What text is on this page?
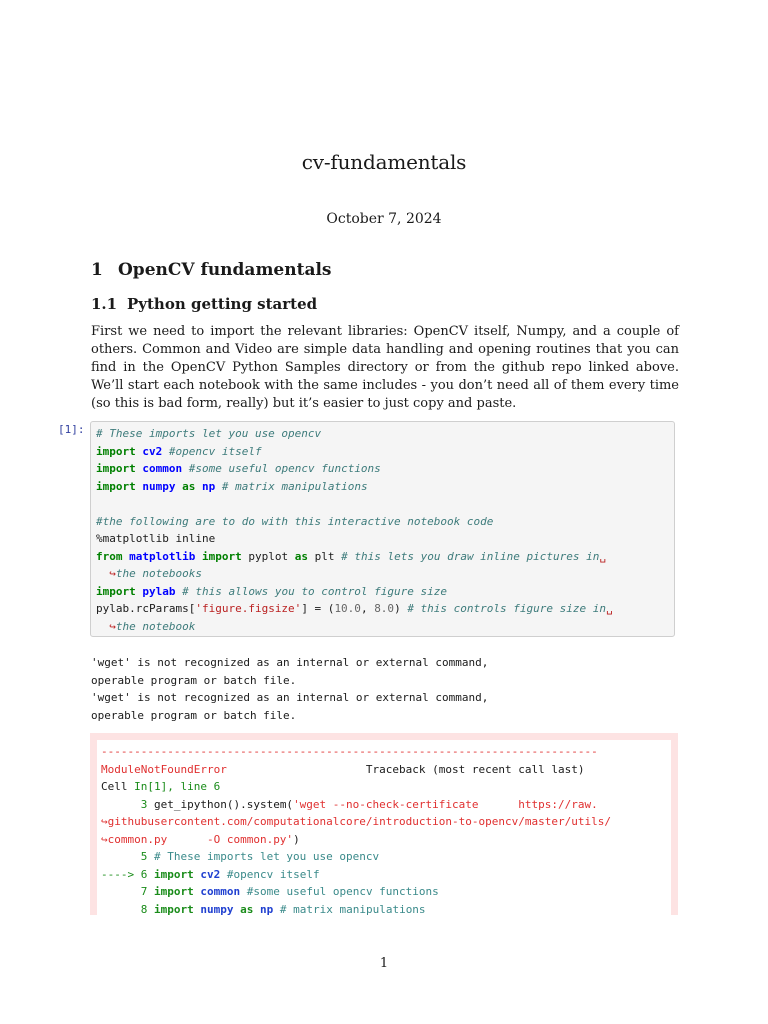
cv-fundamentals
October 7, 2024
1 OpenCV fundamentals
1.1 Python getting started
First we need to import the relevant libraries: OpenCV itself, Numpy, and a couple of others. Common and Video are simple data handling and opening routines that you can find in the OpenCV Python Samples directory or from the github repo linked above. We’ll start each notebook with the same includes - you don’t need all of them every time (so this is bad form, really) but it’s easier to just copy and paste.
[1]: # These imports let you use opencv
import cv2 #opencv itself
import common #some useful opencv functions
import numpy as np # matrix manipulations
#the following are to do with this interactive notebook code
%matplotlib inline
from matplotlib import pyplot as plt # this lets you draw inline pictures in␣
↪the notebooks
import pylab # this allows you to control figure size
pylab.rcParams['figure.figsize'] = (10.0, 8.0) # this controls figure size in␣
↪the notebook
'wget' is not recognized as an internal or external command,
operable program or batch file.
'wget' is not recognized as an internal or external command,
operable program or batch file.
---------------------------------------------------------------------------
ModuleNotFoundError	Traceback (most recent call last)
Cell In[1], line 6
3 get_ipython().system('wget --no-check-certificate      https://raw.
↪githubusercontent.com/computationalcore/introduction-to-opencv/master/utils/
↪common.py      -O common.py')
5 # These imports let you use opencv
----> 6 import cv2 #opencv itself
7 import common #some useful opencv functions
8 import numpy as np # matrix manipulations
1
